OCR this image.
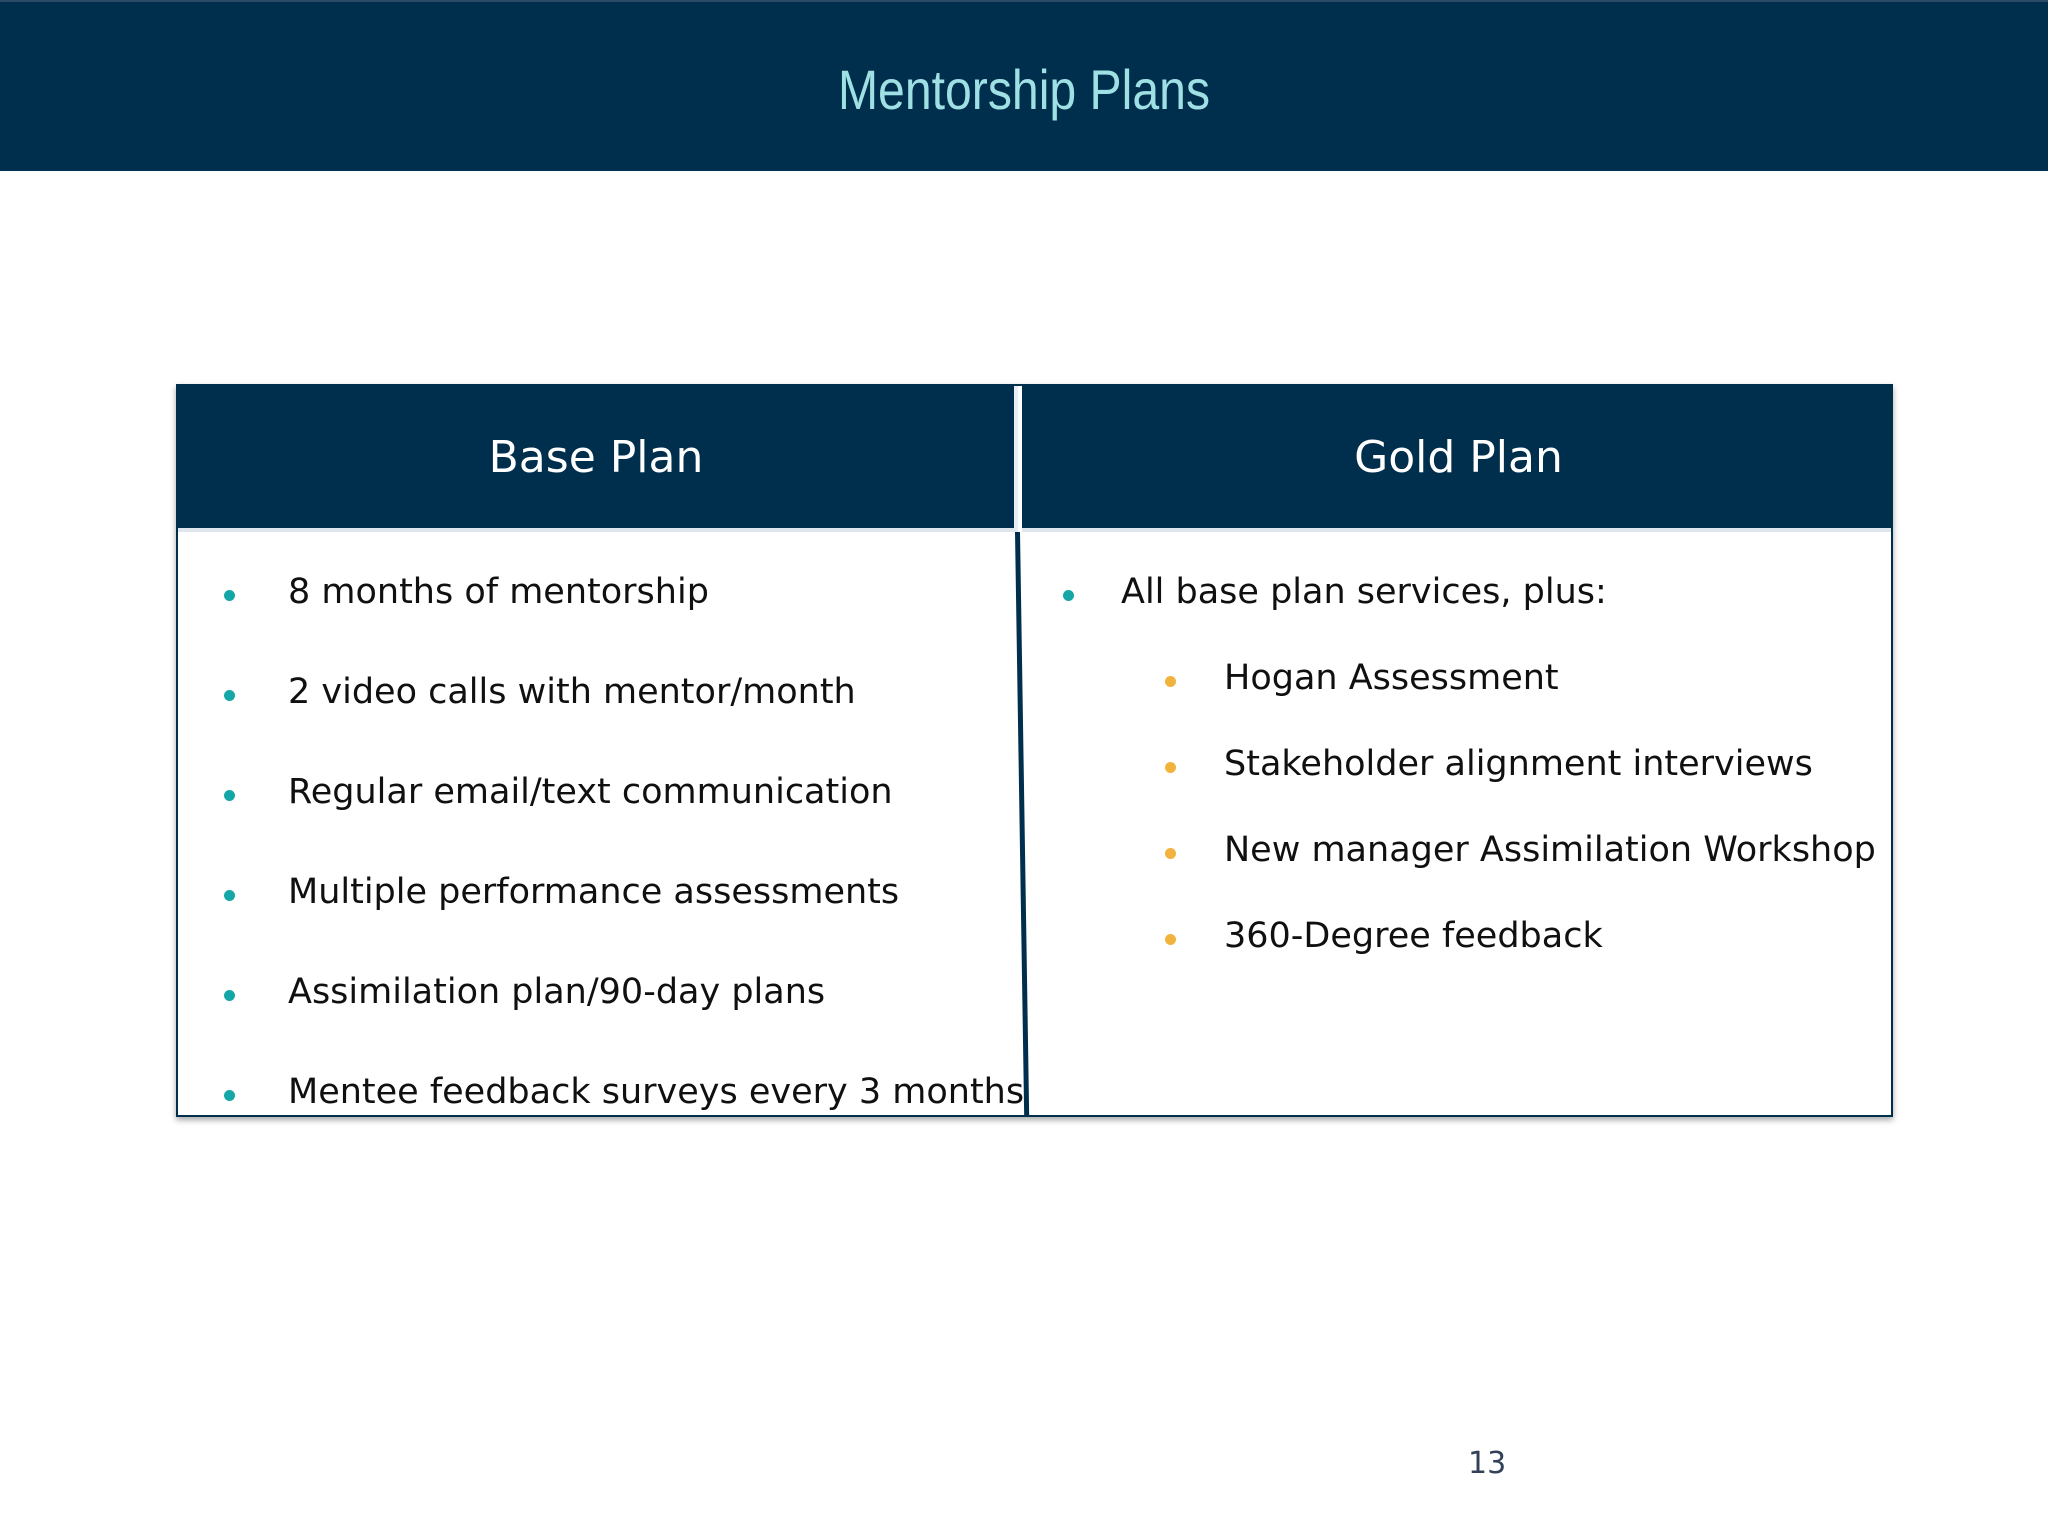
Mentorship Plans
Base Plan	Gold Plan
8 months of mentorship
2 video calls with mentor/month
Regular email/text communication
Multiple performance assessments
Assimilation plan/90-day plans
Mentee feedback surveys every 3 months
All base plan services, plus:
Hogan Assessment
Stakeholder alignment interviews
New manager Assimilation Workshop
360-Degree feedback
13
